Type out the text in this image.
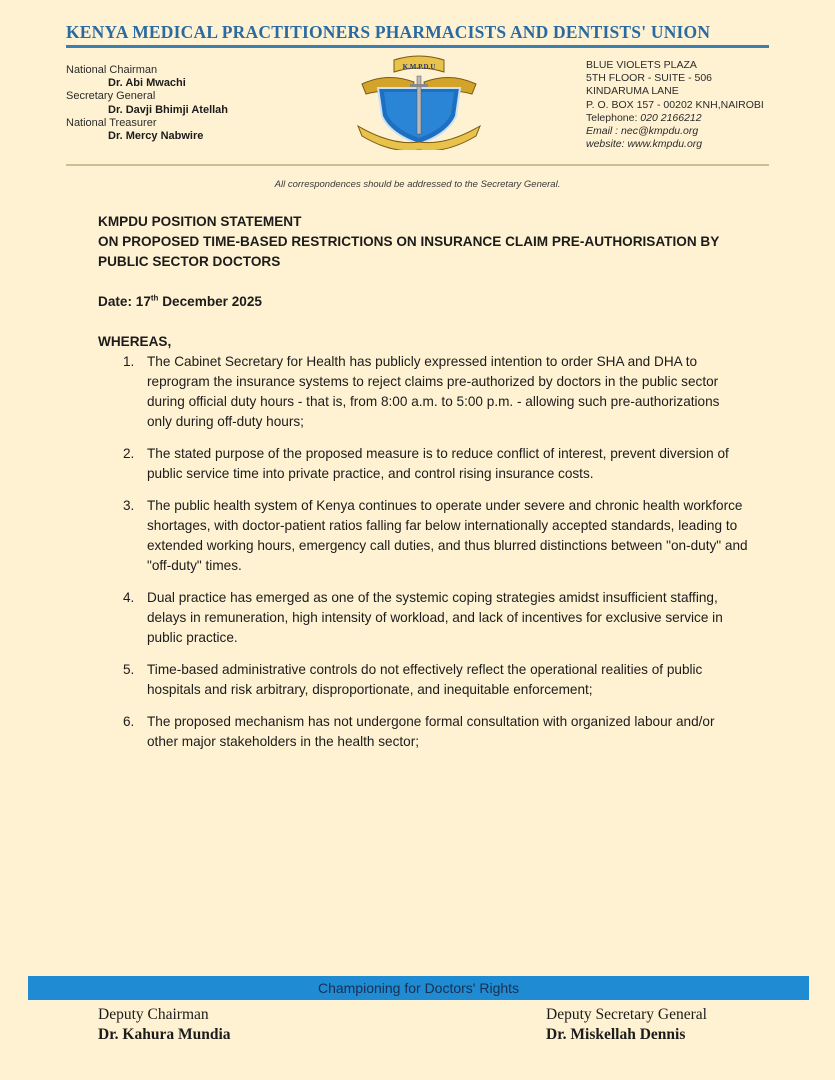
KENYA MEDICAL PRACTITIONERS PHARMACISTS AND DENTISTS' UNION
National Chairman
Dr. Abi Mwachi
Secretary General
Dr. Davji Bhimji Atellah
National Treasurer
Dr. Mercy Nabwire
K.M.P.D.U	BLUE VIOLETS PLAZA
5TH FLOOR - SUITE - 506
KINDARUMA LANE
P. O. BOX 157 - 00202 KNH,NAIROBI
Telephone: 020 2166212
Email : nec@kmpdu.org
website: www.kmpdu.org
All correspondences should be addressed to the Secretary General.
KMPDU POSITION STATEMENT
ON PROPOSED TIME-BASED RESTRICTIONS ON INSURANCE CLAIM PRE-AUTHORISATION BY PUBLIC SECTOR DOCTORS
Date: 17th December 2025
WHEREAS,
1. The Cabinet Secretary for Health has publicly expressed intention to order SHA and DHA to reprogram the insurance systems to reject claims pre-authorized by doctors in the public sector during official duty hours - that is, from 8:00 a.m. to 5:00 p.m. - allowing such pre-authorizations only during off-duty hours;
2. The stated purpose of the proposed measure is to reduce conflict of interest, prevent diversion of public service time into private practice, and control rising insurance costs.
3. The public health system of Kenya continues to operate under severe and chronic health workforce shortages, with doctor-patient ratios falling far below internationally accepted standards, leading to extended working hours, emergency call duties, and thus blurred distinctions between "on-duty" and "off-duty" times.
4. Dual practice has emerged as one of the systemic coping strategies amidst insufficient staffing, delays in remuneration, high intensity of workload, and lack of incentives for exclusive service in public practice.
5. Time-based administrative controls do not effectively reflect the operational realities of public hospitals and risk arbitrary, disproportionate, and inequitable enforcement;
6. The proposed mechanism has not undergone formal consultation with organized labour and/or other major stakeholders in the health sector;
Championing for Doctors' Rights
Deputy Chairman
Dr. Kahura Mundia
Deputy Secretary General
Dr. Miskellah Dennis
